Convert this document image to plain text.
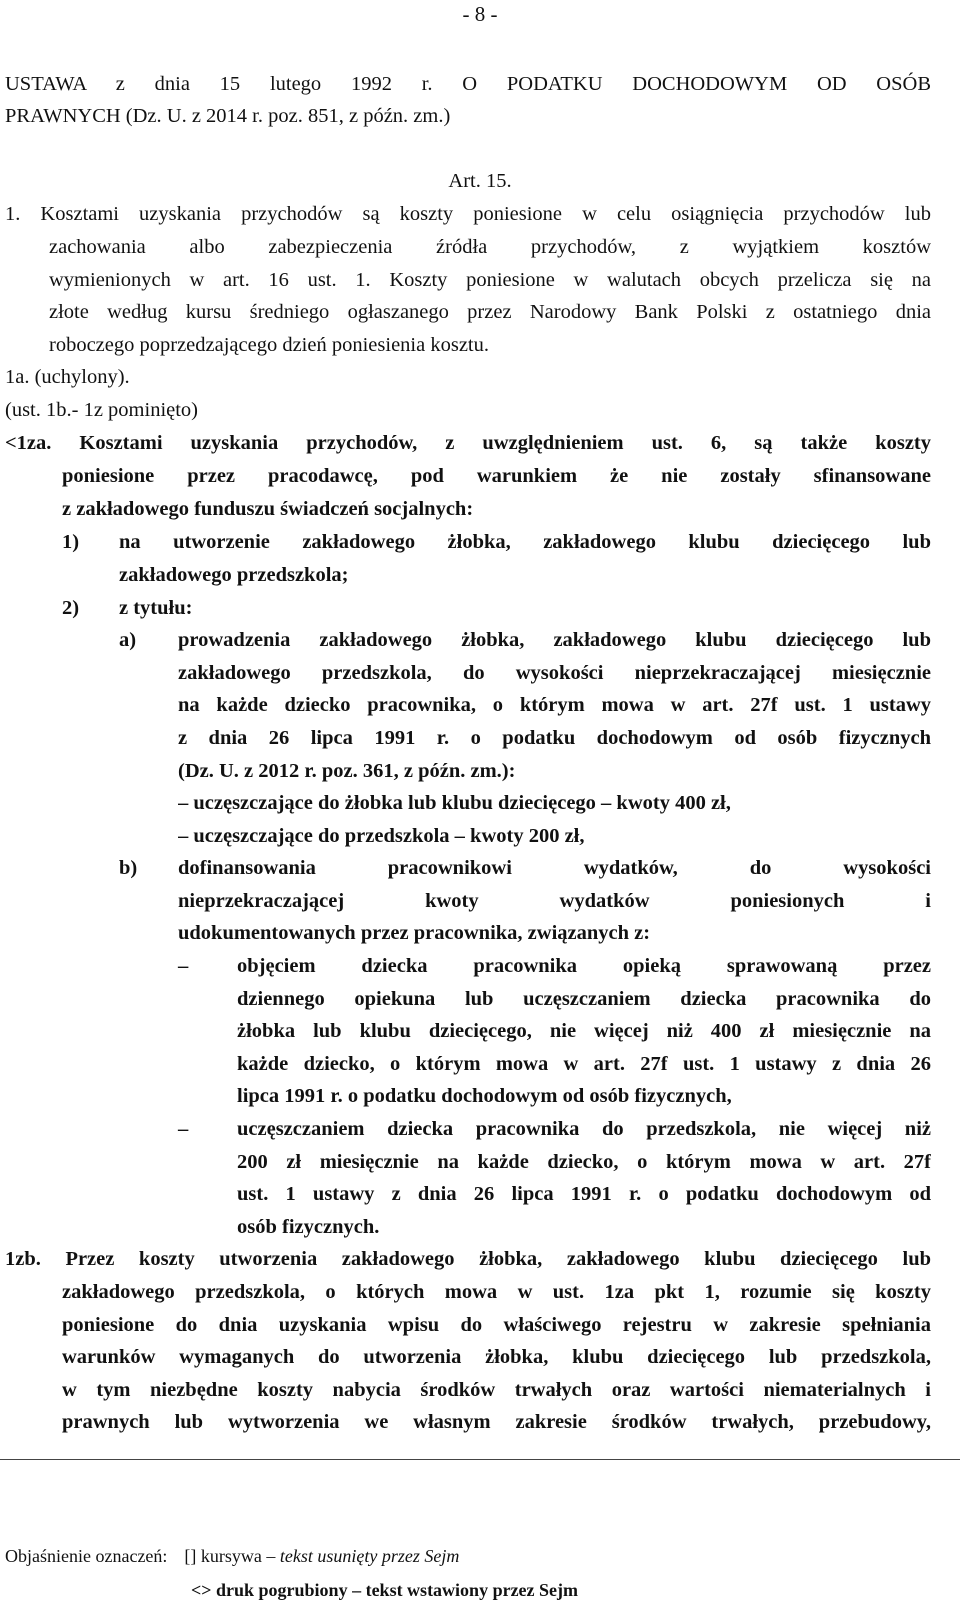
- 8 -
USTAWA z dnia 15 lutego 1992 r. O PODATKU DOCHODOWYM OD OSÓB
PRAWNYCH (Dz. U. z 2014 r. poz. 851, z późn. zm.)
Art. 15.
1. Kosztami uzyskania przychodów są koszty poniesione w celu osiągnięcia przychodów lub
zachowania albo zabezpieczenia źródła przychodów, z wyjątkiem kosztów
wymienionych w art. 16 ust. 1. Koszty poniesione w walutach obcych przelicza się na
złote według kursu średniego ogłaszanego przez Narodowy Bank Polski z ostatniego dnia
roboczego poprzedzającego dzień poniesienia kosztu.
1a. (uchylony).
(ust. 1b.- 1z pominięto)
<1za. Kosztami uzyskania przychodów, z uwzględnieniem ust. 6, są także koszty
poniesione przez pracodawcę, pod warunkiem że nie zostały sfinansowane
z zakładowego funduszu świadczeń socjalnych:
1) na utworzenie zakładowego żłobka, zakładowego klubu dziecięcego lub
zakładowego przedszkola;
2) z tytułu:
a) prowadzenia zakładowego żłobka, zakładowego klubu dziecięcego lub
zakładowego przedszkola, do wysokości nieprzekraczającej miesięcznie
na każde dziecko pracownika, o którym mowa w art. 27f ust. 1 ustawy
z dnia 26 lipca 1991 r. o podatku dochodowym od osób fizycznych
(Dz. U. z 2012 r. poz. 361, z późn. zm.):
– uczęszczające do żłobka lub klubu dziecięcego – kwoty 400 zł,
– uczęszczające do przedszkola – kwoty 200 zł,
b) dofinansowania pracownikowi wydatków, do wysokości
nieprzekraczającej kwoty wydatków poniesionych i
udokumentowanych przez pracownika, związanych z:
– objęciem dziecka pracownika opieką sprawowaną przez
dziennego opiekuna lub uczęszczaniem dziecka pracownika do
żłobka lub klubu dziecięcego, nie więcej niż 400 zł miesięcznie na
każde dziecko, o którym mowa w art. 27f ust. 1 ustawy z dnia 26
lipca 1991 r. o podatku dochodowym od osób fizycznych,
– uczęszczaniem dziecka pracownika do przedszkola, nie więcej niż
200 zł miesięcznie na każde dziecko, o którym mowa w art. 27f
ust. 1 ustawy z dnia 26 lipca 1991 r. o podatku dochodowym od
osób fizycznych.
1zb. Przez koszty utworzenia zakładowego żłobka, zakładowego klubu dziecięcego lub
zakładowego przedszkola, o których mowa w ust. 1za pkt 1, rozumie się koszty
poniesione do dnia uzyskania wpisu do właściwego rejestru w zakresie spełniania
warunków wymaganych do utworzenia żłobka, klubu dziecięcego lub przedszkola,
w tym niezbędne koszty nabycia środków trwałych oraz wartości niematerialnych i
prawnych lub wytworzenia we własnym zakresie środków trwałych, przebudowy,
Objaśnienie oznaczeń: [] kursywa – tekst usunięty przez Sejm
<> druk pogrubiony – tekst wstawiony przez Sejm
